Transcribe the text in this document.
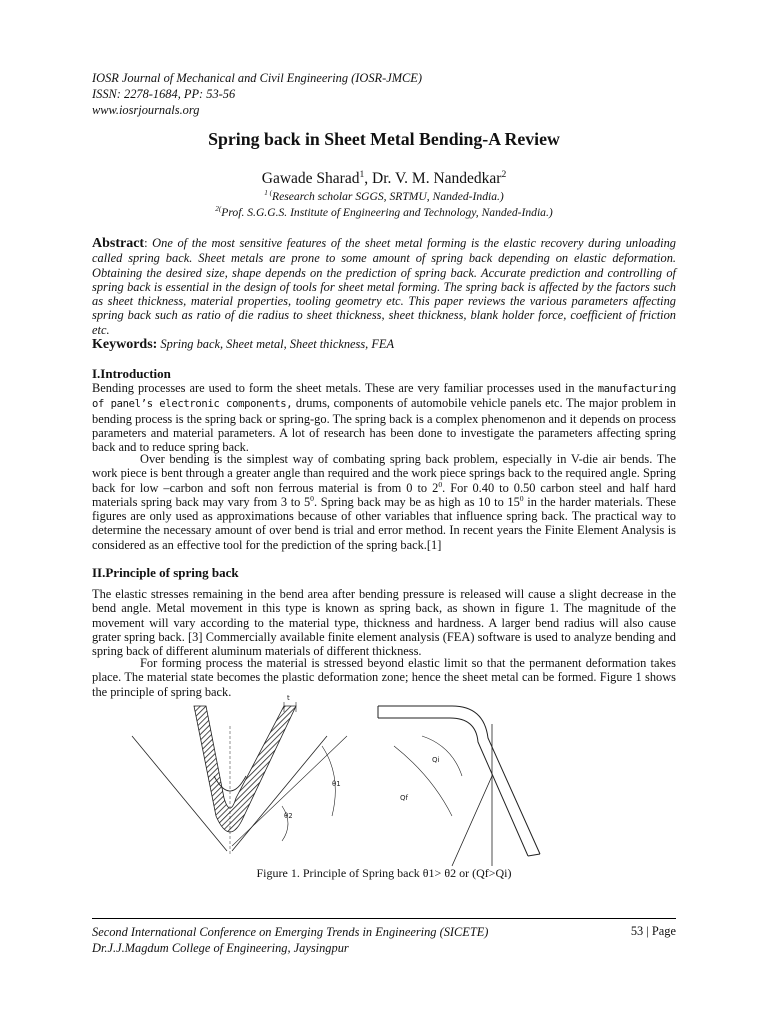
IOSR Journal of Mechanical and Civil Engineering (IOSR-JMCE)
ISSN: 2278-1684, PP: 53-56
www.iosrjournals.org
Spring back in Sheet Metal Bending-A Review
Gawade Sharad$^1$, Dr. V. M. Nandedkar$^2$
$^{1 (}$Research scholar SGGS, SRTMU, Nanded-India.)
$^{2(}$Prof. S.G.G.S. Institute of Engineering and Technology, Nanded-India.)
Abstract: One of the most sensitive features of the sheet metal forming is the elastic recovery during unloading called spring back. Sheet metals are prone to some amount of spring back depending on elastic deformation. Obtaining the desired size, shape depends on the prediction of spring back. Accurate prediction and controlling of spring back is essential in the design of tools for sheet metal forming. The spring back is affected by the factors such as sheet thickness, material properties, tooling geometry etc. This paper reviews the various parameters affecting spring back such as ratio of die radius to sheet thickness, sheet thickness, blank holder force, coefficient of friction etc.
Keywords: Spring back, Sheet metal, Sheet thickness, FEA
I.Introduction

Bending processes are used to form the sheet metals. These are very familiar processes used in the manufacturing of panel’s electronic components, drums, components of automobile vehicle panels etc. The major problem in bending process is the spring back or spring-go. The spring back is a complex phenomenon and it depends on process parameters and material parameters. A lot of research has been done to investigate the parameters affecting spring back and to reduce spring back.

Over bending is the simplest way of combating spring back problem, especially in V-die air bends. The work piece is bent through a greater angle than required and the work piece springs back to the required angle. Spring back for low –carbon and soft non ferrous material is from 0 to $2^0$. For 0.40 to 0.50 carbon steel and half hard materials spring back may vary from 3 to $5^0$. Spring back may be as high as 10 to $15^0$ in the harder materials. These figures are only used as approximations because of other variables that influence spring back. The practical way to determine the necessary amount of over bend is trial and error method. In recent years the Finite Element Analysis is considered as an effective tool for the prediction of the spring back.[1]

II.Principle of spring back

The elastic stresses remaining in the bend area after bending pressure is released will cause a slight decrease in the bend angle. Metal movement in this type is known as spring back, as shown in figure 1. The magnitude of the movement will vary according to the material type, thickness and hardness. A larger bend radius will also cause grater spring back. [3] Commercially available finite element analysis (FEA) software is used to analyze bending and spring back of different aluminum materials of different thickness.

For forming process the material is stressed beyond elastic limit so that the permanent deformation takes place. The material state becomes the plastic deformation zone; hence the sheet metal can be formed. Figure 1 shows the principle of spring back.	t
θ1
θ2
Qi
Qf
Figure 1. Principle of Spring back θ1> θ2 or (Qf>Qi)
Second International Conference on Emerging Trends in Engineering (SICETE)
Dr.J.J.Magdum College of Engineering, Jaysingpur
53 | Page
